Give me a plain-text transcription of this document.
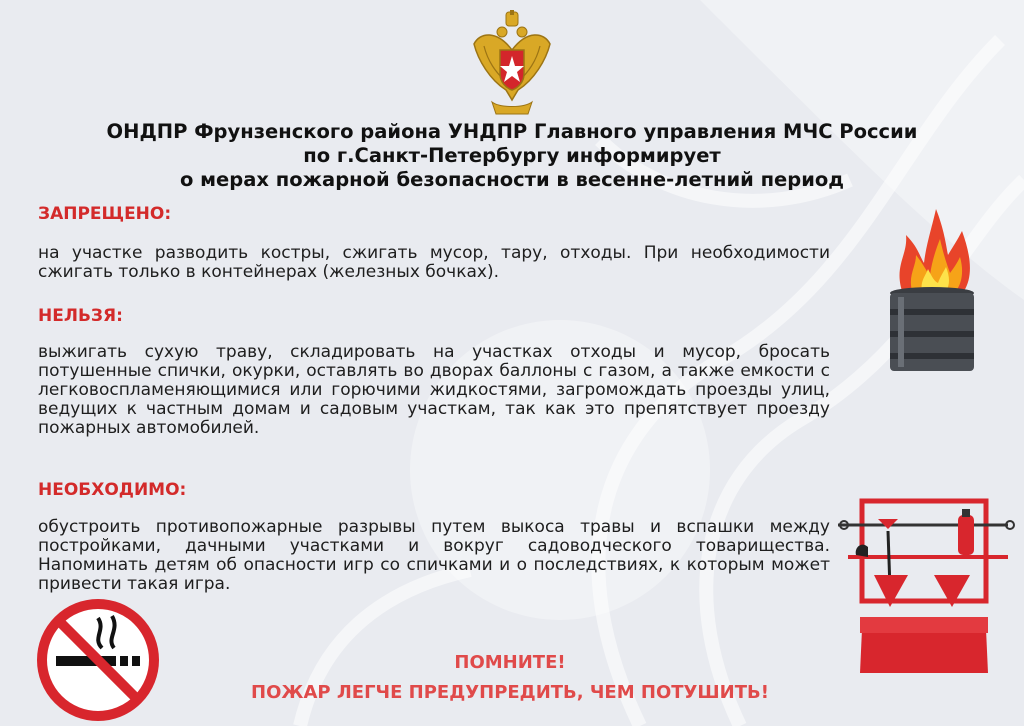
ОНДПР Фрунзенского района УНДПР Главного управления МЧС России
по г.Санкт-Петербургу информирует
о мерах пожарной безопасности в весенне-летний период
ЗАПРЕЩЕНО:
на участке разводить костры, сжигать мусор, тару, отходы. При необходимости сжигать только в контейнерах (железных бочках).
НЕЛЬЗЯ:
выжигать сухую траву, складировать на участках отходы и мусор, бросать потушенные спички, окурки, оставлять во дворах баллоны с газом, а также емкости с легковоспламеняющимися или горючими жидкостями, загромождать проезды улиц, ведущих к частным домам и садовым участкам, так как это препятствует проезду пожарных автомобилей.
НЕОБХОДИМО:
обустроить противопожарные разрывы путем выкоса травы и вспашки между постройками, дачными участками и вокруг садоводческого товарищества. Напоминать детям об опасности игр со спичками и о последствиях, к которым может привести такая игра.
ПОМНИТЕ!
ПОЖАР ЛЕГЧЕ ПРЕДУПРЕДИТЬ, ЧЕМ ПОТУШИТЬ!
